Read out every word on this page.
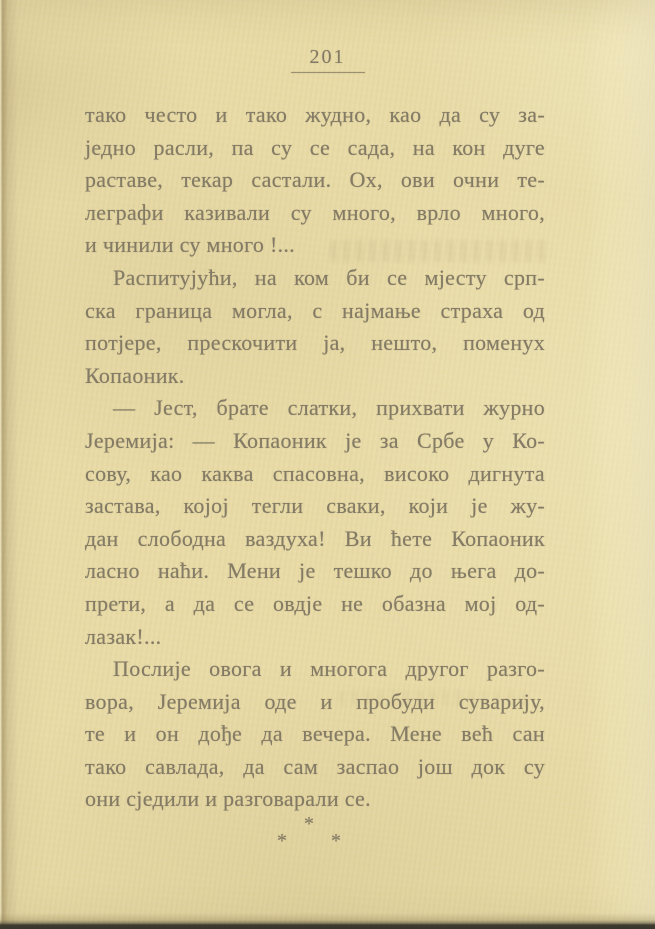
201
тако често и тако жудно, као да су за-
једно расли, па су се сада, на кон дуге
раставе, текар састали. Ох, ови очни те-
леграфи казивали су много, врло много,
и чинили су много !...
Распитујући, на ком би се мјесту срп-
ска граница могла, с најмање страха од
потјере, прескочити ја, нешто, поменух
Копаоник.
— Јест, брате слатки, прихвати журно
Јеремија: — Копаоник је за Србе у Ко-
сову, као каква спасовна, високо дигнута
застава, којој тегли сваки, који је жу-
дан слободна ваздуха! Ви ћете Копаоник
ласно наћи. Мени је тешко до њега до-
прети, а да се овдје не обазна мој од-
лазак!...
Послије овога и многога другог разго-
вора, Јеремија оде и пробуди суварију,
те и он дође да вечера. Мене већ сан
тако савлада, да сам заспао још док су
они сједили и разговарали се.
*
* *
